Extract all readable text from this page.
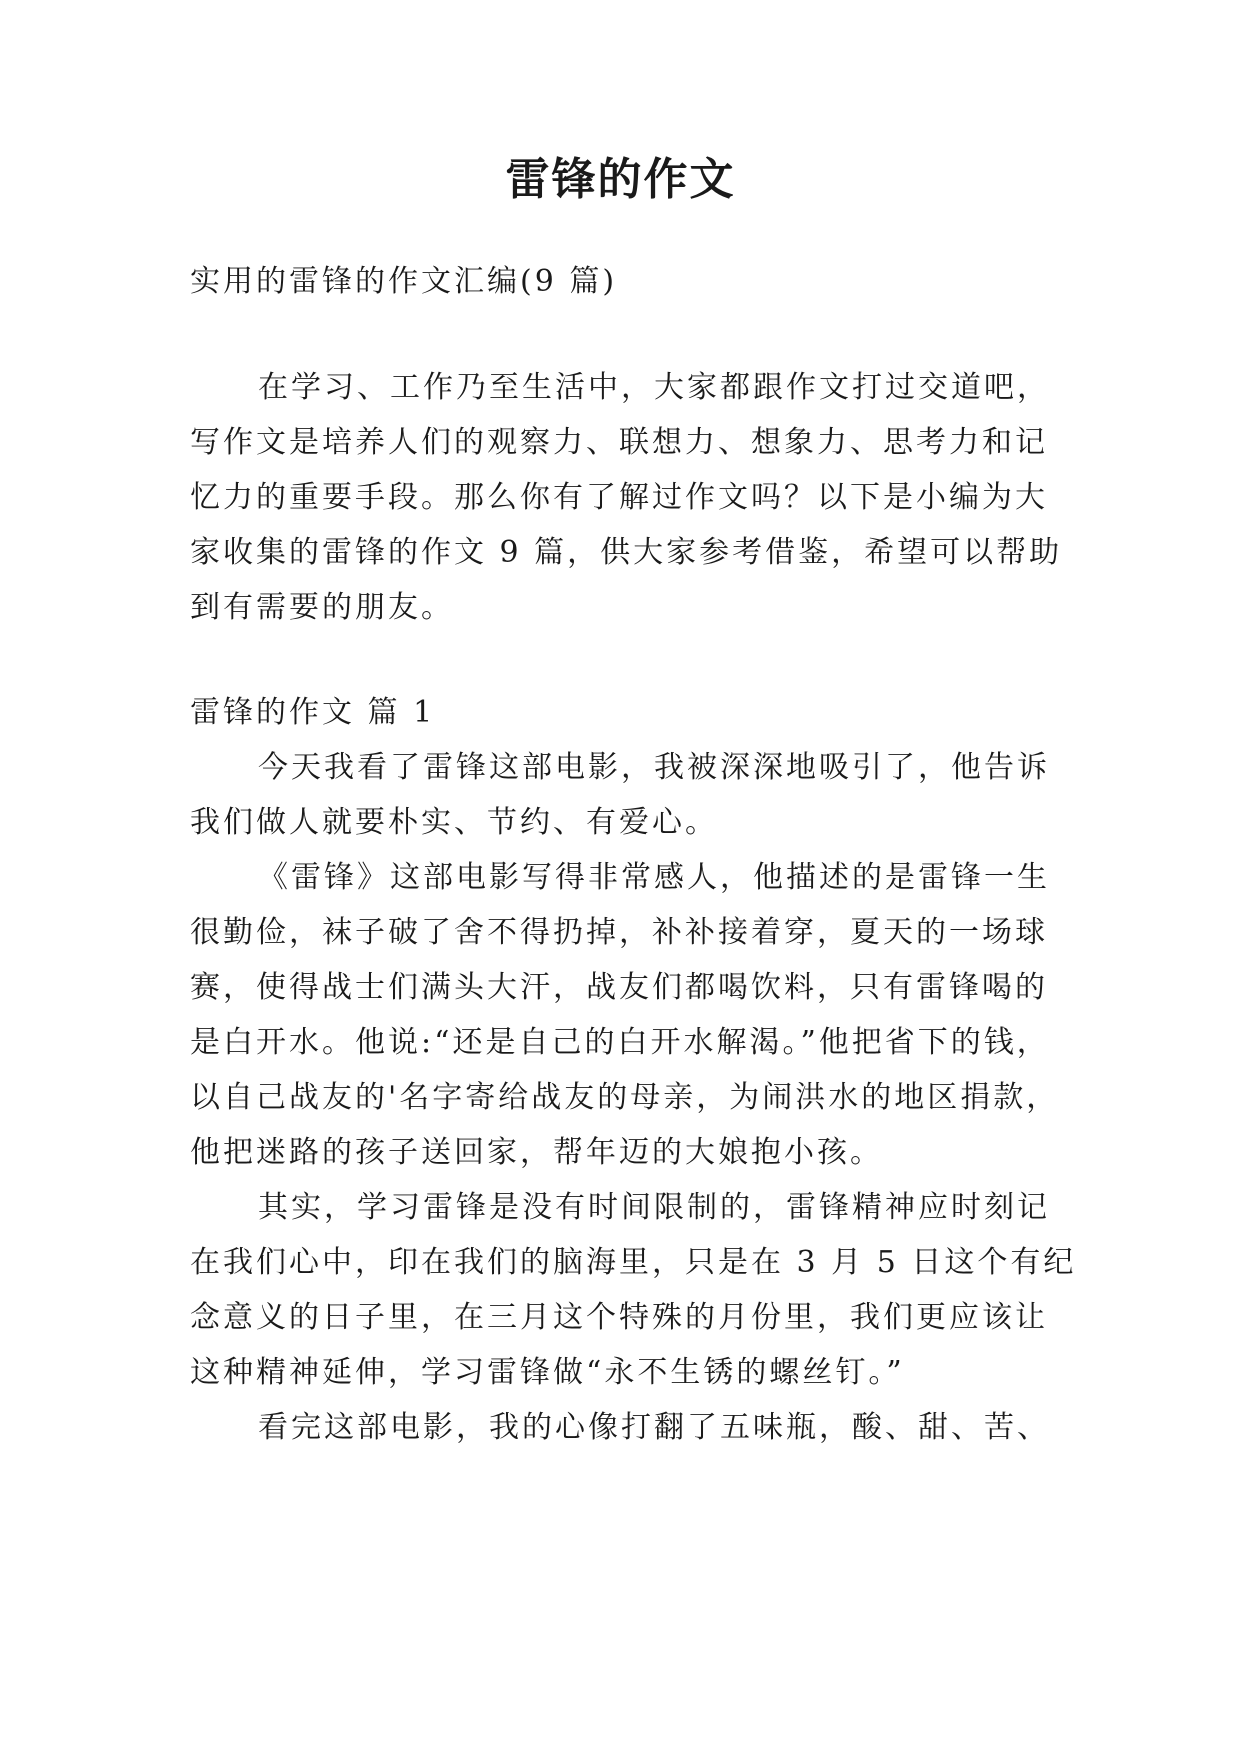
雷锋的作文
实用的雷锋的作文汇编(9 篇)
在学习、工作乃至生活中，大家都跟作文打过交道吧，
写作文是培养人们的观察力、联想力、想象力、思考力和记
忆力的重要手段。那么你有了解过作文吗？以下是小编为大
家收集的雷锋的作文 9 篇，供大家参考借鉴，希望可以帮助
到有需要的朋友。
雷锋的作文 篇 1
今天我看了雷锋这部电影，我被深深地吸引了，他告诉
我们做人就要朴实、节约、有爱心。
《雷锋》这部电影写得非常感人，他描述的是雷锋一生
很勤俭，袜子破了舍不得扔掉，补补接着穿，夏天的一场球
赛，使得战士们满头大汗，战友们都喝饮料，只有雷锋喝的
是白开水。他说:“还是自己的白开水解渴。”他把省下的钱，
以自己战友的'名字寄给战友的母亲，为闹洪水的地区捐款，
他把迷路的孩子送回家，帮年迈的大娘抱小孩。
其实，学习雷锋是没有时间限制的，雷锋精神应时刻记
在我们心中，印在我们的脑海里，只是在 3 月 5 日这个有纪
念意义的日子里，在三月这个特殊的月份里，我们更应该让
这种精神延伸，学习雷锋做“永不生锈的螺丝钉。”
看完这部电影，我的心像打翻了五味瓶，酸、甜、苦、
